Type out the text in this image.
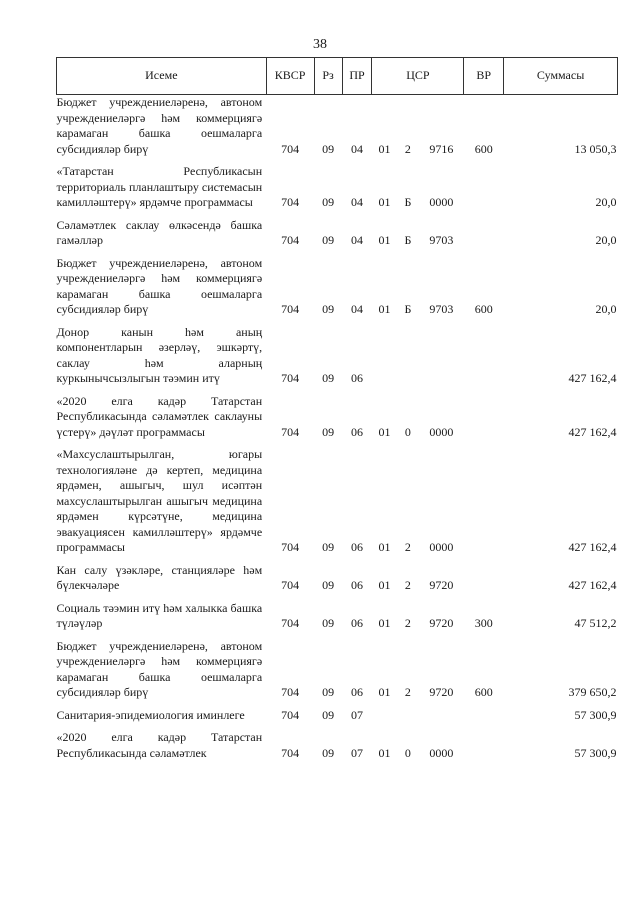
38
Исеме	КВСР	Рз	ПР	ЦСР			ВР	Суммасы
Бюджет учреждениеләренә, автоном учреждениеләргә һәм коммерциягә карамаган башка оешмаларга субсидияләр бирү	704	09	04	01	2	9716	600	13 050,3
«Татарстан Республикасын территориаль планлаштыру системасын камилләштерү» ярдәмче программасы	704	09	04	01	Б	0000		20,0
Сәламәтлек саклау өлкәсендә башка гамәлләр	704	09	04	01	Б	9703		20,0
Бюджет учреждениеләренә, автоном учреждениеләргә һәм коммерциягә карамаган башка оешмаларга субсидияләр бирү	704	09	04	01	Б	9703	600	20,0
Донор канын һәм аның компонентларын әзерләү, эшкәртү, саклау һәм аларның куркынычсызлыгын тәэмин итү	704	09	06					427 162,4
«2020 елга кадәр Татарстан Республикасында сәламәтлек саклауны үстерү» дәүләт программасы	704	09	06	01	0	0000		427 162,4
«Махсуслаштырылган, югары технологияләне дә кертеп, медицина ярдәмен, ашыгыч, шул исәптән махсуслаштырылган ашыгыч медицина ярдәмен күрсәтүне, медицина эвакуациясен камилләштерү» ярдәмче программасы	704	09	06	01	2	0000		427 162,4
Кан салу үзәкләре, станцияләре һәм бүлекчәләре	704	09	06	01	2	9720		427 162,4
Социаль тәэмин итү һәм халыкка башка түләүләр	704	09	06	01	2	9720	300	47 512,2
Бюджет учреждениеләренә, автоном учреждениеләргә һәм коммерциягә карамаган башка оешмаларга субсидияләр бирү	704	09	06	01	2	9720	600	379 650,2
Санитария-эпидемиология иминлеге	704	09	07					57 300,9
«2020 елга кадәр Татарстан Республикасында сәламәтлек	704	09	07	01	0	0000		57 300,9
